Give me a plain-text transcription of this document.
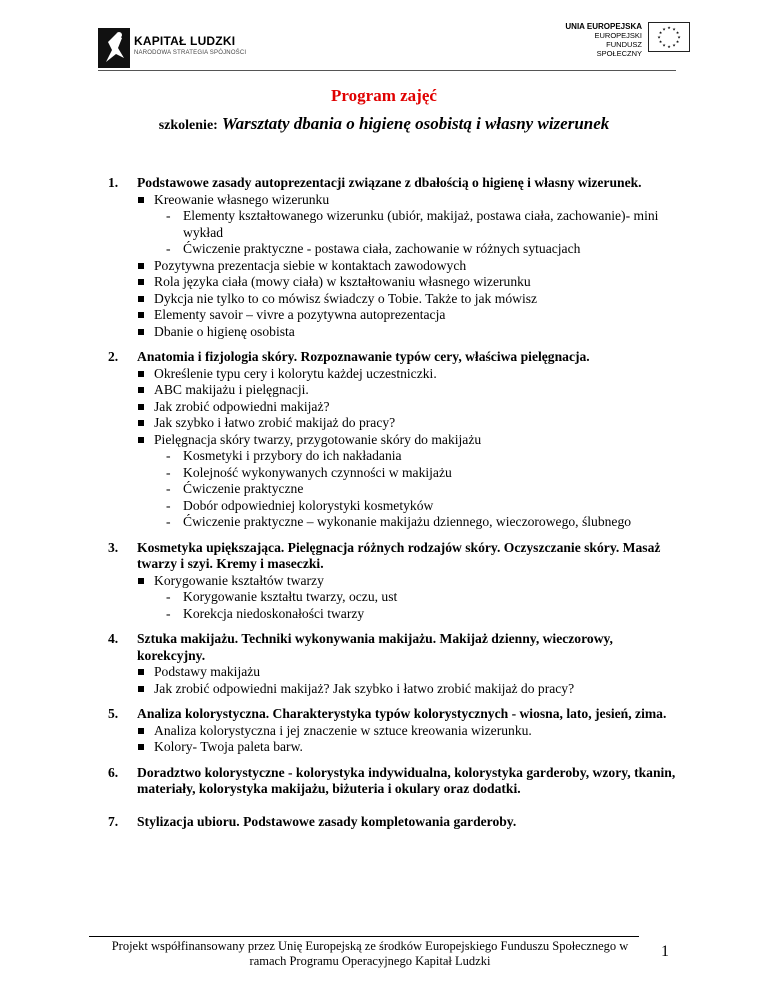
KAPITAŁ LUDZKI
NARODOWA STRATEGIA SPÓJNOŚCI
UNIA EUROPEJSKA
EUROPEJSKI
FUNDUSZ SPOŁECZNY
★ ★
★
★
★
★
★
★
★
★
★
★
Program zajęć
szkolenie: Warsztaty dbania o higienę osobistą i własny wizerunek
1. Podstawowe zasady autoprezentacji związane z dbałością o higienę i własny wizerunek.
Kreowanie własnego wizerunku
- Elementy kształtowanego wizerunku (ubiór, makijaż, postawa ciała, zachowanie)- mini wykład
- Ćwiczenie praktyczne - postawa ciała, zachowanie w różnych sytuacjach
Pozytywna prezentacja siebie w kontaktach zawodowych
Rola języka ciała (mowy ciała) w kształtowaniu własnego wizerunku
Dykcja nie tylko to co mówisz świadczy o Tobie. Także to jak mówisz
Elementy savoir – vivre a pozytywna autoprezentacja
Dbanie o higienę osobista
2. Anatomia i fizjologia skóry. Rozpoznawanie typów cery, właściwa pielęgnacja.
Określenie typu cery i kolorytu każdej uczestniczki.
ABC makijażu i pielęgnacji.
Jak zrobić odpowiedni makijaż?
Jak szybko i łatwo zrobić makijaż do pracy?
Pielęgnacja skóry twarzy, przygotowanie skóry do makijażu
- Kosmetyki i przybory do ich nakładania
- Kolejność wykonywanych czynności w makijażu
- Ćwiczenie praktyczne
- Dobór odpowiedniej kolorystyki kosmetyków
- Ćwiczenie praktyczne – wykonanie makijażu dziennego, wieczorowego, ślubnego
3. Kosmetyka upiększająca. Pielęgnacja różnych rodzajów skóry. Oczyszczanie skóry. Masaż twarzy i szyi. Kremy i maseczki.
Korygowanie kształtów twarzy
- Korygowanie kształtu twarzy, oczu, ust
- Korekcja niedoskonałości twarzy
4. Sztuka makijażu. Techniki wykonywania makijażu. Makijaż dzienny, wieczorowy, korekcyjny.
Podstawy makijażu
Jak zrobić odpowiedni makijaż? Jak szybko i łatwo zrobić makijaż do pracy?
5. Analiza kolorystyczna. Charakterystyka typów kolorystycznych - wiosna, lato, jesień, zima.
Analiza kolorystyczna i jej znaczenie w sztuce kreowania wizerunku.
Kolory- Twoja paleta barw.
6. Doradztwo kolorystyczne - kolorystyka indywidualna, kolorystyka garderoby, wzory, tkanin, materiały, kolorystyka makijażu, biżuteria i okulary oraz dodatki.
7. Stylizacja ubioru. Podstawowe zasady kompletowania garderoby.
Projekt współfinansowany przez Unię Europejską ze środków Europejskiego Funduszu Społecznego w
ramach Programu Operacyjnego Kapitał Ludzki
1
